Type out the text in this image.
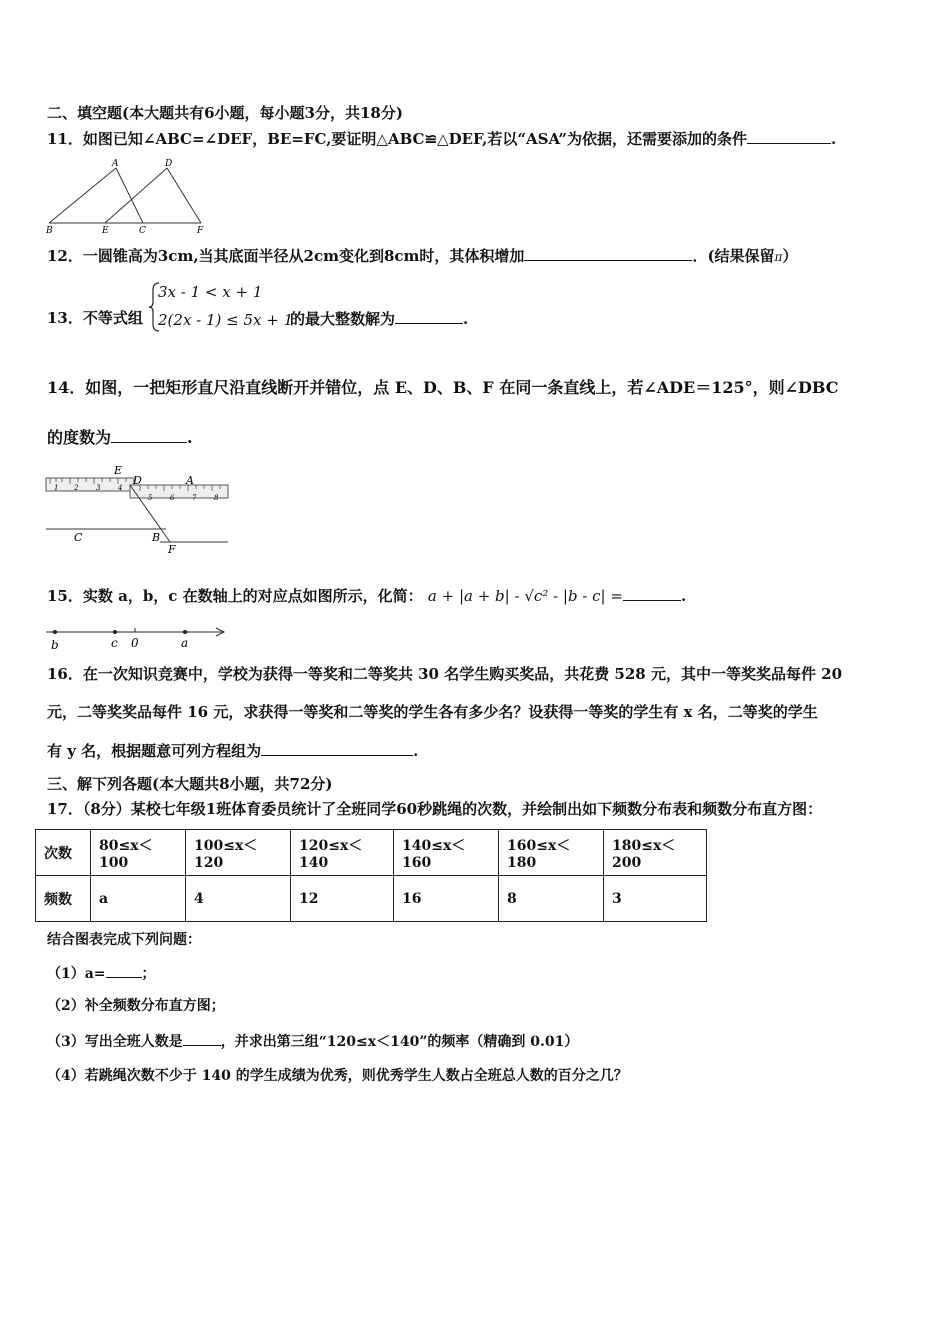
二、填空题(本大题共有6小题，每小题3分，共18分)
11．如图已知∠ABC=∠DEF，BE=FC,要证明△ABC≌△DEF,若以“ASA”为依据，还需要添加的条件	.
A	D
B	E	C	F
12．一圆锥高为3cm,当其底面半径从2cm变化到8cm时，其体积增加	．(结果保留π）
13．不等式组
3x - 1 < x + 1
2(2x - 1) ≤ 5x + 1
的最大整数解为	.
14．如图，一把矩形直尺沿直线断开并错位，点 E、D、B、F 在同一条直线上，若∠ADE＝125°，则∠DBC
的度数为	.
1 2	3	4
5	6	7	8
E
D	A
C	B
F
15．实数 a，b，c 在数轴上的对应点如图所示，化简： a + |a + b| - √c² - |b - c| =	.
b	c 0	a
16．在一次知识竞赛中，学校为获得一等奖和二等奖共 30 名学生购买奖品，共花费 528 元，其中一等奖奖品每件 20
元，二等奖奖品每件 16 元，求获得一等奖和二等奖的学生各有多少名？设获得一等奖的学生有 x 名，二等奖的学生
有 y 名，根据题意可列方程组为	.
三、解下列各题(本大题共8小题，共72分)
17．（8分）某校七年级1班体育委员统计了全班同学60秒跳绳的次数，并绘制出如下频数分布表和频数分布直方图：
次数	80≤x＜100	100≤x＜120	120≤x＜140	140≤x＜160	160≤x＜180	180≤x＜200
频数	a	4	12	16	8	3
结合图表完成下列问题：
（1）a=	；
（2）补全频数分布直方图；
（3）写出全班人数是	，并求出第三组“120≤x＜140”的频率（精确到 0.01）
（4）若跳绳次数不少于 140 的学生成绩为优秀，则优秀学生人数占全班总人数的百分之几？
